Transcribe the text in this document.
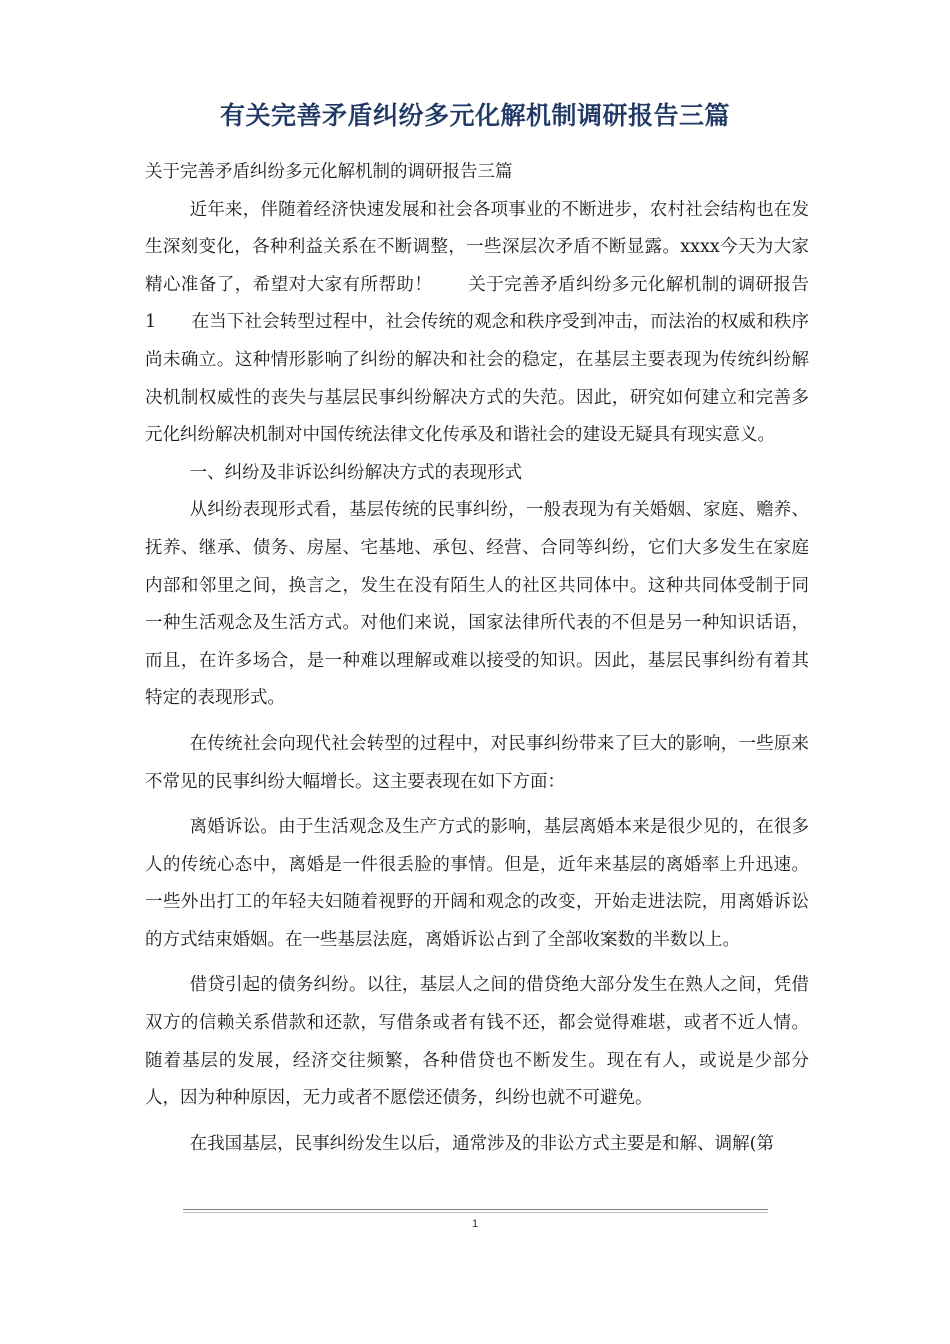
有关完善矛盾纠纷多元化解机制调研报告三篇

关于完善矛盾纠纷多元化解机制的调研报告三篇

近年来，伴随着经济快速发展和社会各项事业的不断进步，农村社会结构也在发生深刻变化，各种利益关系在不断调整，一些深层次矛盾不断显露。xxxx今天为大家精心准备了，希望对大家有所帮助！　　关于完善矛盾纠纷多元化解机制的调研报告 1　　在当下社会转型过程中，社会传统的观念和秩序受到冲击，而法治的权威和秩序尚未确立。这种情形影响了纠纷的解决和社会的稳定，在基层主要表现为传统纠纷解决机制权威性的丧失与基层民事纠纷解决方式的失范。因此，研究如何建立和完善多元化纠纷解决机制对中国传统法律文化传承及和谐社会的建设无疑具有现实意义。

一、纠纷及非诉讼纠纷解决方式的表现形式

从纠纷表现形式看，基层传统的民事纠纷，一般表现为有关婚姻、家庭、赡养、抚养、继承、债务、房屋、宅基地、承包、经营、合同等纠纷，它们大多发生在家庭内部和邻里之间，换言之，发生在没有陌生人的社区共同体中。这种共同体受制于同一种生活观念及生活方式。对他们来说，国家法律所代表的不但是另一种知识话语，而且，在许多场合，是一种难以理解或难以接受的知识。因此，基层民事纠纷有着其特定的表现形式。

在传统社会向现代社会转型的过程中，对民事纠纷带来了巨大的影响，一些原来不常见的民事纠纷大幅增长。这主要表现在如下方面：

离婚诉讼。由于生活观念及生产方式的影响，基层离婚本来是很少见的，在很多人的传统心态中，离婚是一件很丢脸的事情。但是，近年来基层的离婚率上升迅速。一些外出打工的年轻夫妇随着视野的开阔和观念的改变，开始走进法院，用离婚诉讼的方式结束婚姻。在一些基层法庭，离婚诉讼占到了全部收案数的半数以上。

借贷引起的债务纠纷。以往，基层人之间的借贷绝大部分发生在熟人之间，凭借双方的信赖关系借款和还款，写借条或者有钱不还，都会觉得难堪，或者不近人情。随着基层的发展，经济交往频繁，各种借贷也不断发生。现在有人，或说是少部分人，因为种种原因，无力或者不愿偿还债务，纠纷也就不可避免。

在我国基层，民事纠纷发生以后，通常涉及的非讼方式主要是和解、调解(第

1
